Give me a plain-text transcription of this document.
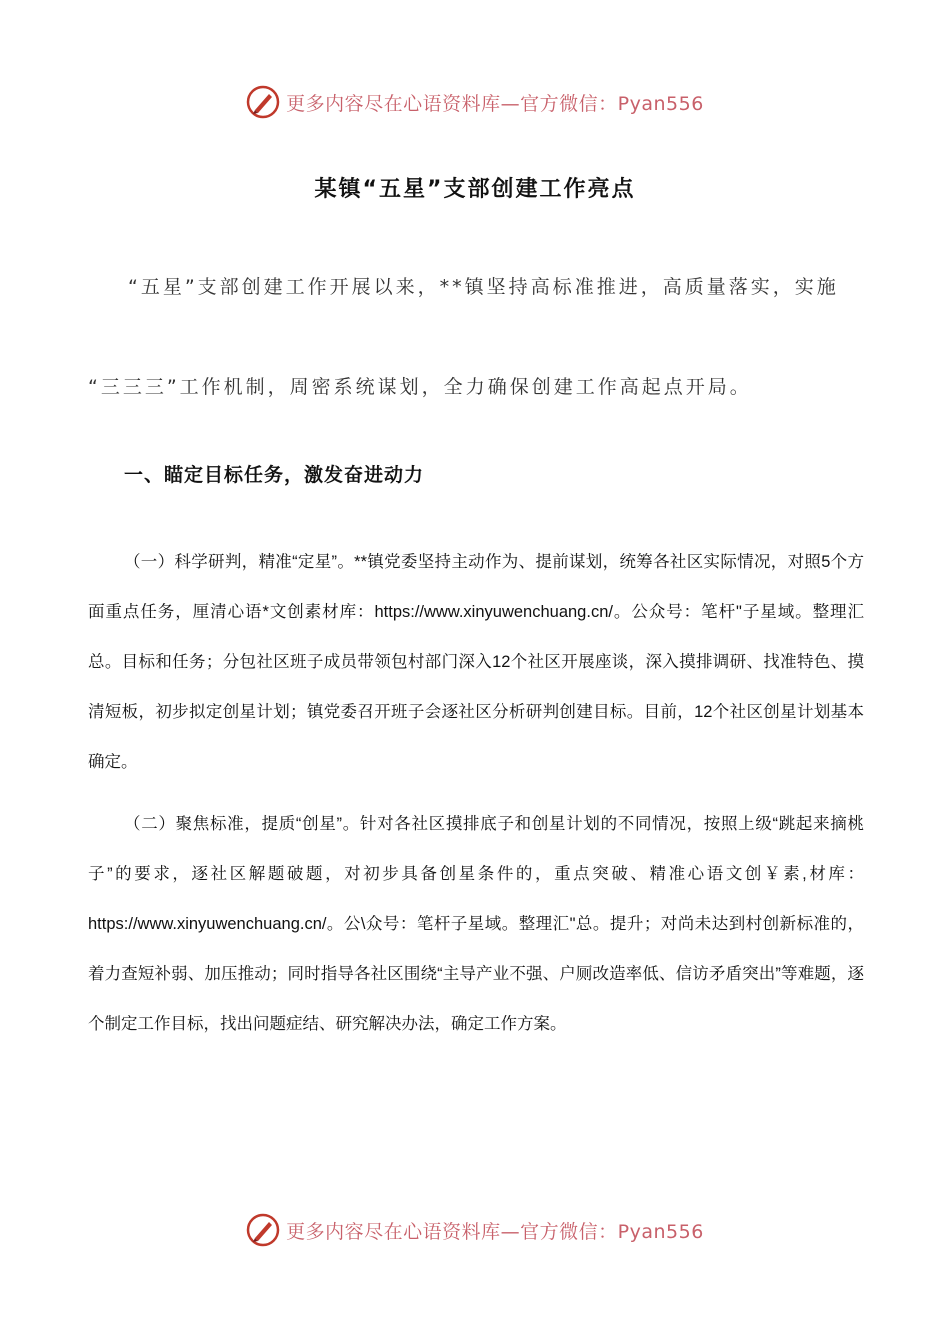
更多内容尽在心语资料库—官方微信：Pyan556
某镇“五星”支部创建工作亮点
“五星”支部创建工作开展以来，**镇坚持高标准推进，高质量落实，实施
“三三三”工作机制，周密系统谋划，全力确保创建工作高起点开局。
一、瞄定目标任务，激发奋进动力

（一）科学研判，精准“定星”。**镇党委坚持主动作为、提前谋划，统筹各社区实际情况，对照5个方面重点任务，厘清心语*文创素材库：https://www.xinyuwenchuang.cn/。公众号：笔杆"子星域。整理汇总。目标和任务；分包社区班子成员带领包村部门深入12个社区开展座谈，深入摸排调研、找准特色、摸清短板，初步拟定创星计划；镇党委召开班子会逐社区分析研判创建目标。目前，12个社区创星计划基本确定。

（二）聚焦标准，提质“创星”。针对各社区摸排底子和创星计划的不同情况，按照上级“跳起来摘桃子”的要求，逐社区解题破题，对初步具备创星条件的，重点突破、精准心语文创￥素,材库：https://www.xinyuwenchuang.cn/。公\众号：笔杆子星域。整理汇"总。提升；对尚未达到村创新标准的，着力查短补弱、加压推动；同时指导各社区围绕“主导产业不强、户厕改造率低、信访矛盾突出”等难题，逐个制定工作目标，找出问题症结、研究解决办法，确定工作方案。

更多内容尽在心语资料库—官方微信：Pyan556
